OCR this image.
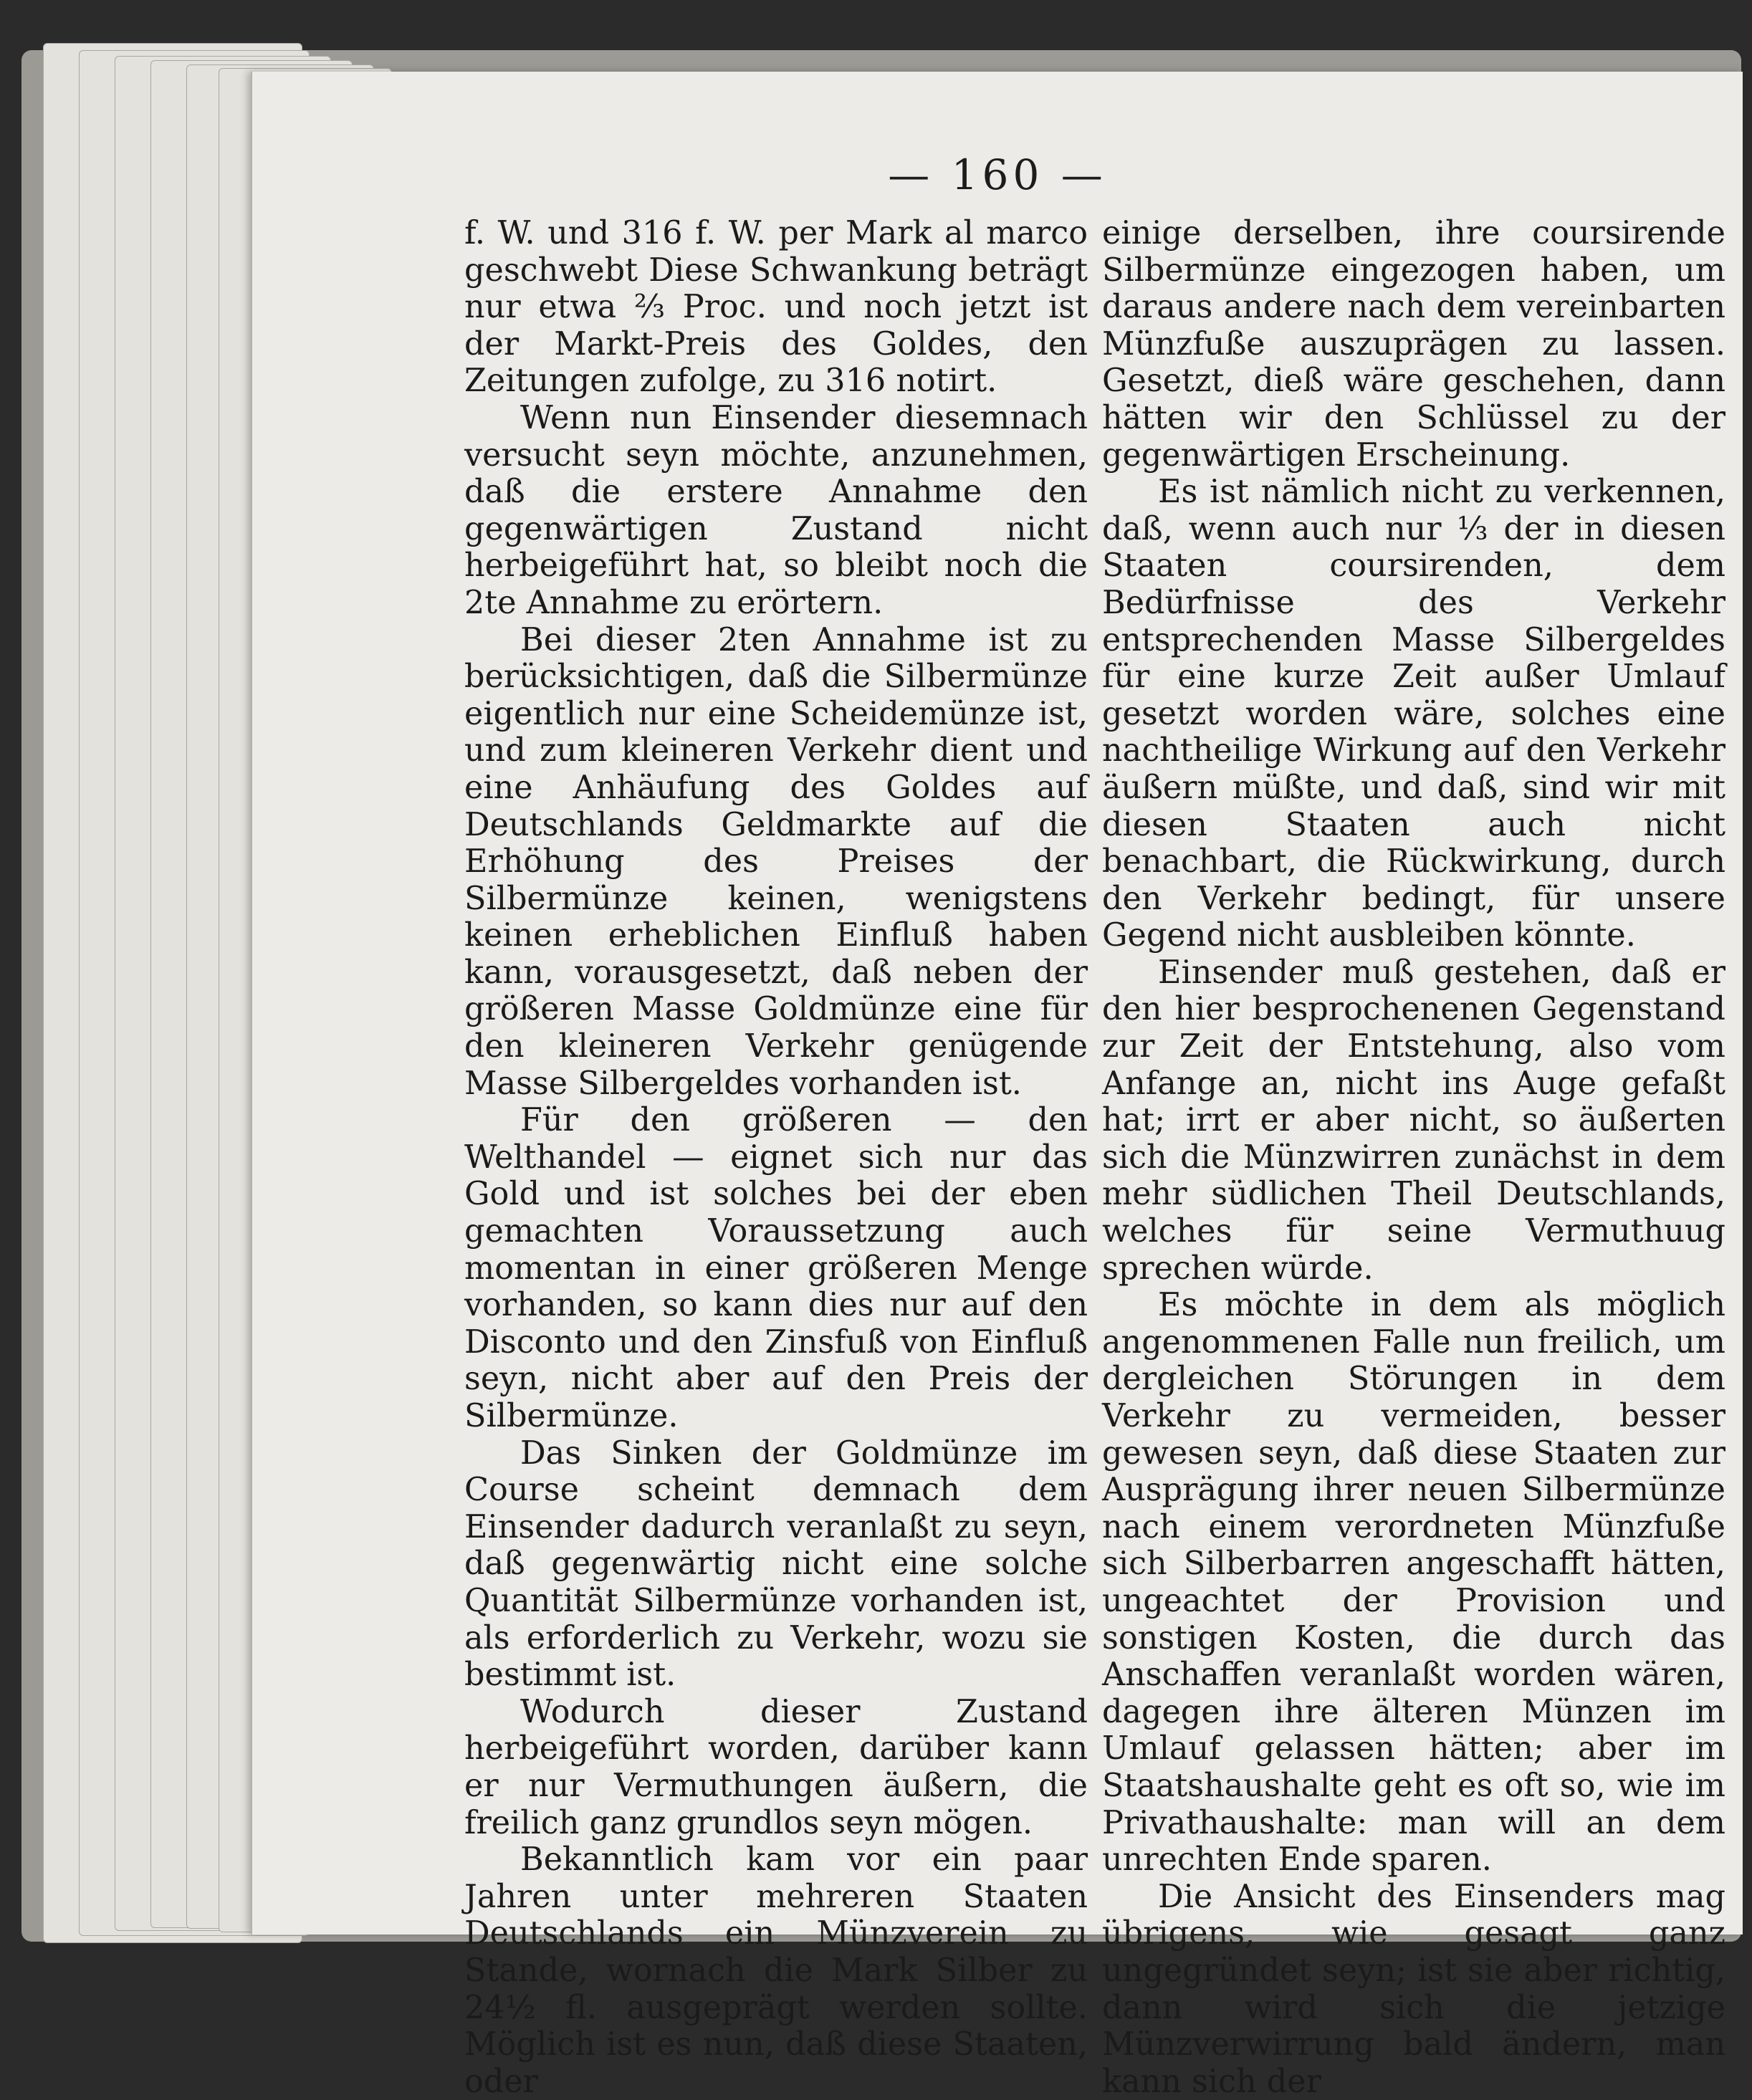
— 160 —

f. W. und 316 f. W. per Mark al marco geschwebt Diese Schwankung beträgt nur etwa ⅔ Proc. und noch jetzt ist der Markt-Preis des Goldes, den Zeitungen zufolge, zu 316 notirt.

Wenn nun Einsender diesemnach versucht seyn möchte, anzunehmen, daß die erstere Annahme den gegenwärtigen Zustand nicht herbeigeführt hat, so bleibt noch die 2te Annahme zu erörtern.

Bei dieser 2ten Annahme ist zu berücksichtigen, daß die Silbermünze eigentlich nur eine Scheidemünze ist, und zum kleineren Verkehr dient und eine Anhäufung des Goldes auf Deutschlands Geldmarkte auf die Erhöhung des Preises der Silbermünze keinen, wenigstens keinen erheblichen Einfluß haben kann, vorausgesetzt, daß neben der größeren Masse Goldmünze eine für den kleineren Verkehr genügende Masse Silbergeldes vorhanden ist.

Für den größeren — den Welthandel — eignet sich nur das Gold und ist solches bei der eben gemachten Voraussetzung auch momentan in einer größeren Menge vorhanden, so kann dies nur auf den Disconto und den Zinsfuß von Einfluß seyn, nicht aber auf den Preis der Silbermünze.

Das Sinken der Goldmünze im Course scheint demnach dem Einsender dadurch veranlaßt zu seyn, daß gegenwärtig nicht eine solche Quantität Silbermünze vorhanden ist, als erforderlich zu Verkehr, wozu sie bestimmt ist.

Wodurch dieser Zustand herbeigeführt worden, darüber kann er nur Vermuthungen äußern, die freilich ganz grundlos seyn mögen.

Bekanntlich kam vor ein paar Jahren unter mehreren Staaten Deutschlands ein Münzverein zu Stande, wornach die Mark Silber zu 24½ fl. ausgeprägt werden sollte. Möglich ist es nun, daß diese Staaten, oder

einige derselben, ihre coursirende Silbermünze eingezogen haben, um daraus andere nach dem vereinbarten Münzfuße auszuprägen zu lassen. Gesetzt, dieß wäre geschehen, dann hätten wir den Schlüssel zu der gegenwärtigen Erscheinung.

Es ist nämlich nicht zu verkennen, daß, wenn auch nur ⅓ der in diesen Staaten coursirenden, dem Bedürfnisse des Verkehr entsprechenden Masse Silbergeldes für eine kurze Zeit außer Umlauf gesetzt worden wäre, solches eine nachtheilige Wirkung auf den Verkehr äußern müßte, und daß, sind wir mit diesen Staaten auch nicht benachbart, die Rückwirkung, durch den Verkehr bedingt, für unsere Gegend nicht ausbleiben könnte.

Einsender muß gestehen, daß er den hier besprochenenen Gegenstand zur Zeit der Entstehung, also vom Anfange an, nicht ins Auge gefaßt hat; irrt er aber nicht, so äußerten sich die Münzwirren zunächst in dem mehr südlichen Theil Deutschlands, welches für seine Vermuthuug sprechen würde.

Es möchte in dem als möglich angenommenen Falle nun freilich, um dergleichen Störungen in dem Verkehr zu vermeiden, besser gewesen seyn, daß diese Staaten zur Ausprägung ihrer neuen Silbermünze nach einem verordneten Münzfuße sich Silberbarren angeschafft hätten, ungeachtet der Provision und sonstigen Kosten, die durch das Anschaffen veranlaßt worden wären, dagegen ihre älteren Münzen im Umlauf gelassen hätten; aber im Staatshaushalte geht es oft so, wie im Privathaushalte: man will an dem unrechten Ende sparen.

Die Ansicht des Einsenders mag übrigens, wie gesagt ganz ungegründet seyn; ist sie aber richtig, dann wird sich die jetzige Münzverwirrung bald ändern, man kann sich der
